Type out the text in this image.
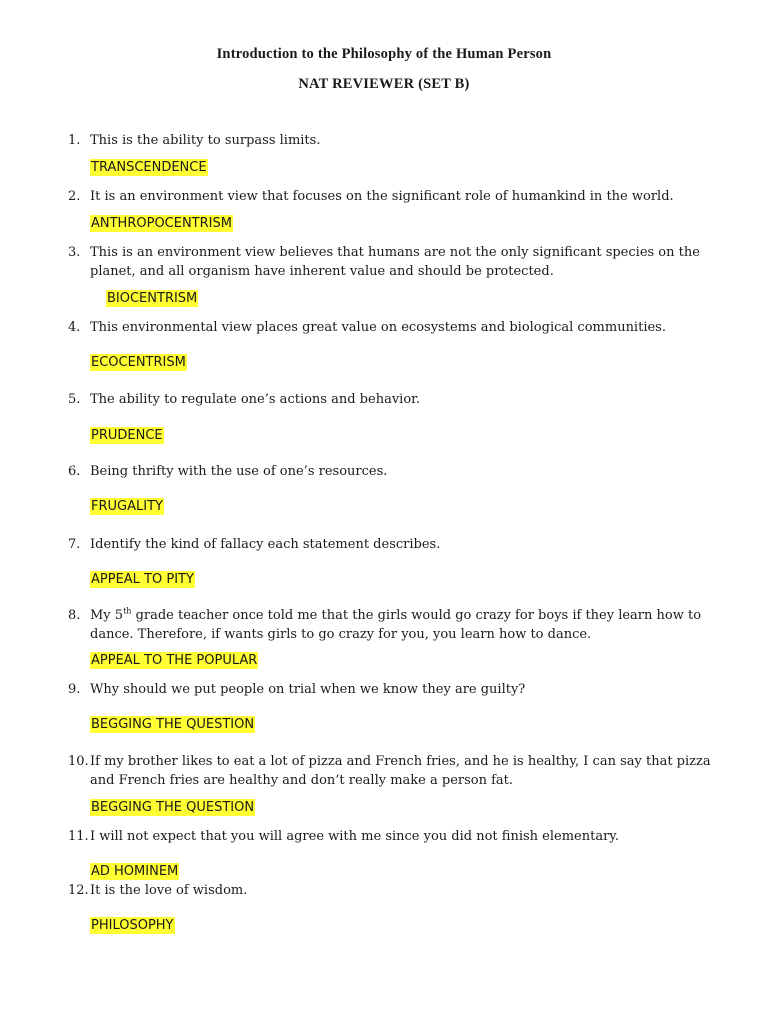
Introduction to the Philosophy of the Human Person
NAT REVIEWER (SET B)
1. This is the ability to surpass limits.
TRANSCENDENCE
2. It is an environment view that focuses on the significant role of humankind in the world.
ANTHROPOCENTRISM
3. This is an environment view believes that humans are not the only significant species on the planet, and all organism have inherent value and should be protected.
BIOCENTRISM
4. This environmental view places great value on ecosystems and biological communities.
ECOCENTRISM
5. The ability to regulate one’s actions and behavior.
PRUDENCE
6. Being thrifty with the use of one’s resources.
FRUGALITY
7. Identify the kind of fallacy each statement describes.
APPEAL TO PITY
8. My 5th grade teacher once told me that the girls would go crazy for boys if they learn how to dance. Therefore, if wants girls to go crazy for you, you learn how to dance.
APPEAL TO THE POPULAR
9. Why should we put people on trial when we know they are guilty?
BEGGING THE QUESTION
10. If my brother likes to eat a lot of pizza and French fries, and he is healthy, I can say that pizza and French fries are healthy and don’t really make a person fat.
BEGGING THE QUESTION
11. I will not expect that you will agree with me since you did not finish elementary.
AD HOMINEM
12. It is the love of wisdom.
PHILOSOPHY
